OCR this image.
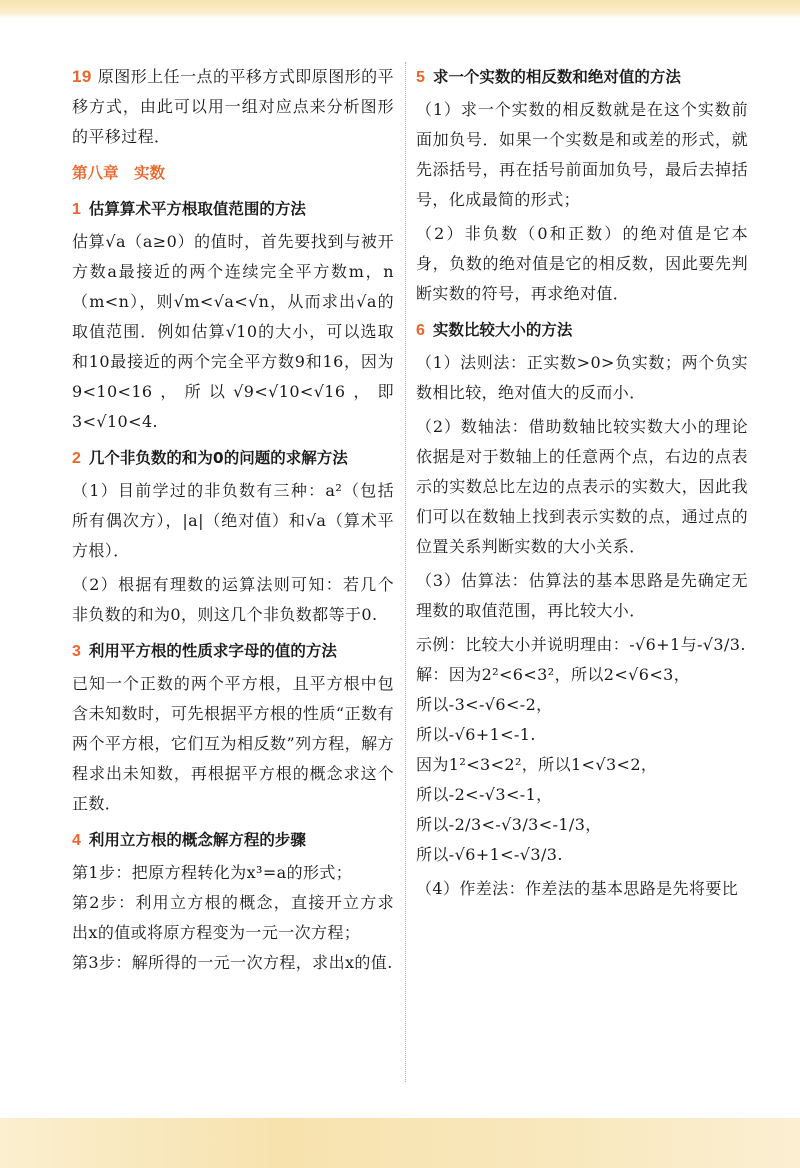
19 原图形上任一点的平移方式即原图形的平移方式，由此可以用一组对应点来分析图形的平移过程．

第八章　实数
1 估算算术平方根取值范围的方法

估算√a（a≥0）的值时，首先要找到与被开方数a最接近的两个连续完全平方数m，n（m<n），则√m<√a<√n，从而求出√a的取值范围．例如估算√10的大小，可以选取和10最接近的两个完全平方数9和16，因为9<10<16，所以√9<√10<√16，即3<√10<4.

2 几个非负数的和为0的问题的求解方法

（1）目前学过的非负数有三种：a²（包括所有偶次方），|a|（绝对值）和√a（算术平方根）．

（2）根据有理数的运算法则可知：若几个非负数的和为0，则这几个非负数都等于0.

3 利用平方根的性质求字母的值的方法

已知一个正数的两个平方根，且平方根中包含未知数时，可先根据平方根的性质“正数有两个平方根，它们互为相反数”列方程，解方程求出未知数，再根据平方根的概念求这个正数．

4 利用立方根的概念解方程的步骤

第1步：把原方程转化为x³=a的形式；

第2步：利用立方根的概念，直接开立方求出x的值或将原方程变为一元一次方程；

第3步：解所得的一元一次方程，求出x的值.

5 求一个实数的相反数和绝对值的方法

（1）求一个实数的相反数就是在这个实数前面加负号．如果一个实数是和或差的形式，就先添括号，再在括号前面加负号，最后去掉括号，化成最简的形式；

（2）非负数（0和正数）的绝对值是它本身，负数的绝对值是它的相反数，因此要先判断实数的符号，再求绝对值．

6 实数比较大小的方法

（1）法则法：正实数>0>负实数；两个负实数相比较，绝对值大的反而小．

（2）数轴法：借助数轴比较实数大小的理论依据是对于数轴上的任意两个点，右边的点表示的实数总比左边的点表示的实数大，因此我们可以在数轴上找到表示实数的点，通过点的位置关系判断实数的大小关系．

（3）估算法：估算法的基本思路是先确定无理数的取值范围，再比较大小．

示例：比较大小并说明理由：-√6+1与-√3/3.

解：因为2²<6<3²，所以2<√6<3，

所以-3<-√6<-2，

所以-√6+1<-1.

因为1²<3<2²，所以1<√3<2，

所以-2<-√3<-1，

所以-2/3<-√3/3<-1/3，

所以-√6+1<-√3/3.

（4）作差法：作差法的基本思路是先将要比
